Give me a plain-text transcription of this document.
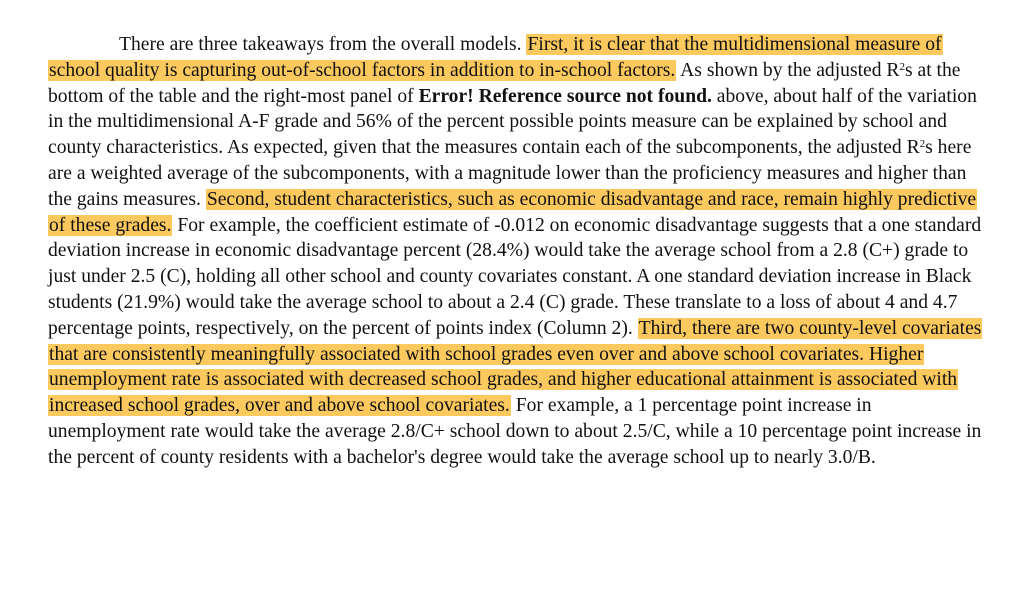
There are three takeaways from the overall models. First, it is clear that the multidimensional measure of school quality is capturing out-of-school factors in addition to in-school factors. As shown by the adjusted $R^2s$ at the bottom of the table and the right-most panel of Error! Reference source not found. above, about half of the variation in the multidimensional A-F grade and 56% of the percent possible points measure can be explained by school and county characteristics. As expected, given that the measures contain each of the subcomponents, the adjusted $R^2s$ here are a weighted average of the subcomponents, with a magnitude lower than the proficiency measures and higher than the gains measures. Second, student characteristics, such as economic disadvantage and race, remain highly predictive of these grades. For example, the coefficient estimate of -0.012 on economic disadvantage suggests that a one standard deviation increase in economic disadvantage percent (28.4%) would take the average school from a 2.8 (C+) grade to just under 2.5 (C), holding all other school and county covariates constant. A one standard deviation increase in Black students (21.9%) would take the average school to about a 2.4 (C) grade. These translate to a loss of about 4 and 4.7 percentage points, respectively, on the percent of points index (Column 2). Third, there are two county-level covariates that are consistently meaningfully associated with school grades even over and above school covariates. Higher unemployment rate is associated with decreased school grades, and higher educational attainment is associated with increased school grades, over and above school covariates. For example, a 1 percentage point increase in unemployment rate would take the average 2.8/C+ school down to about 2.5/C, while a 10 percentage point increase in the percent of county residents with a bachelor's degree would take the average school up to nearly 3.0/B.
